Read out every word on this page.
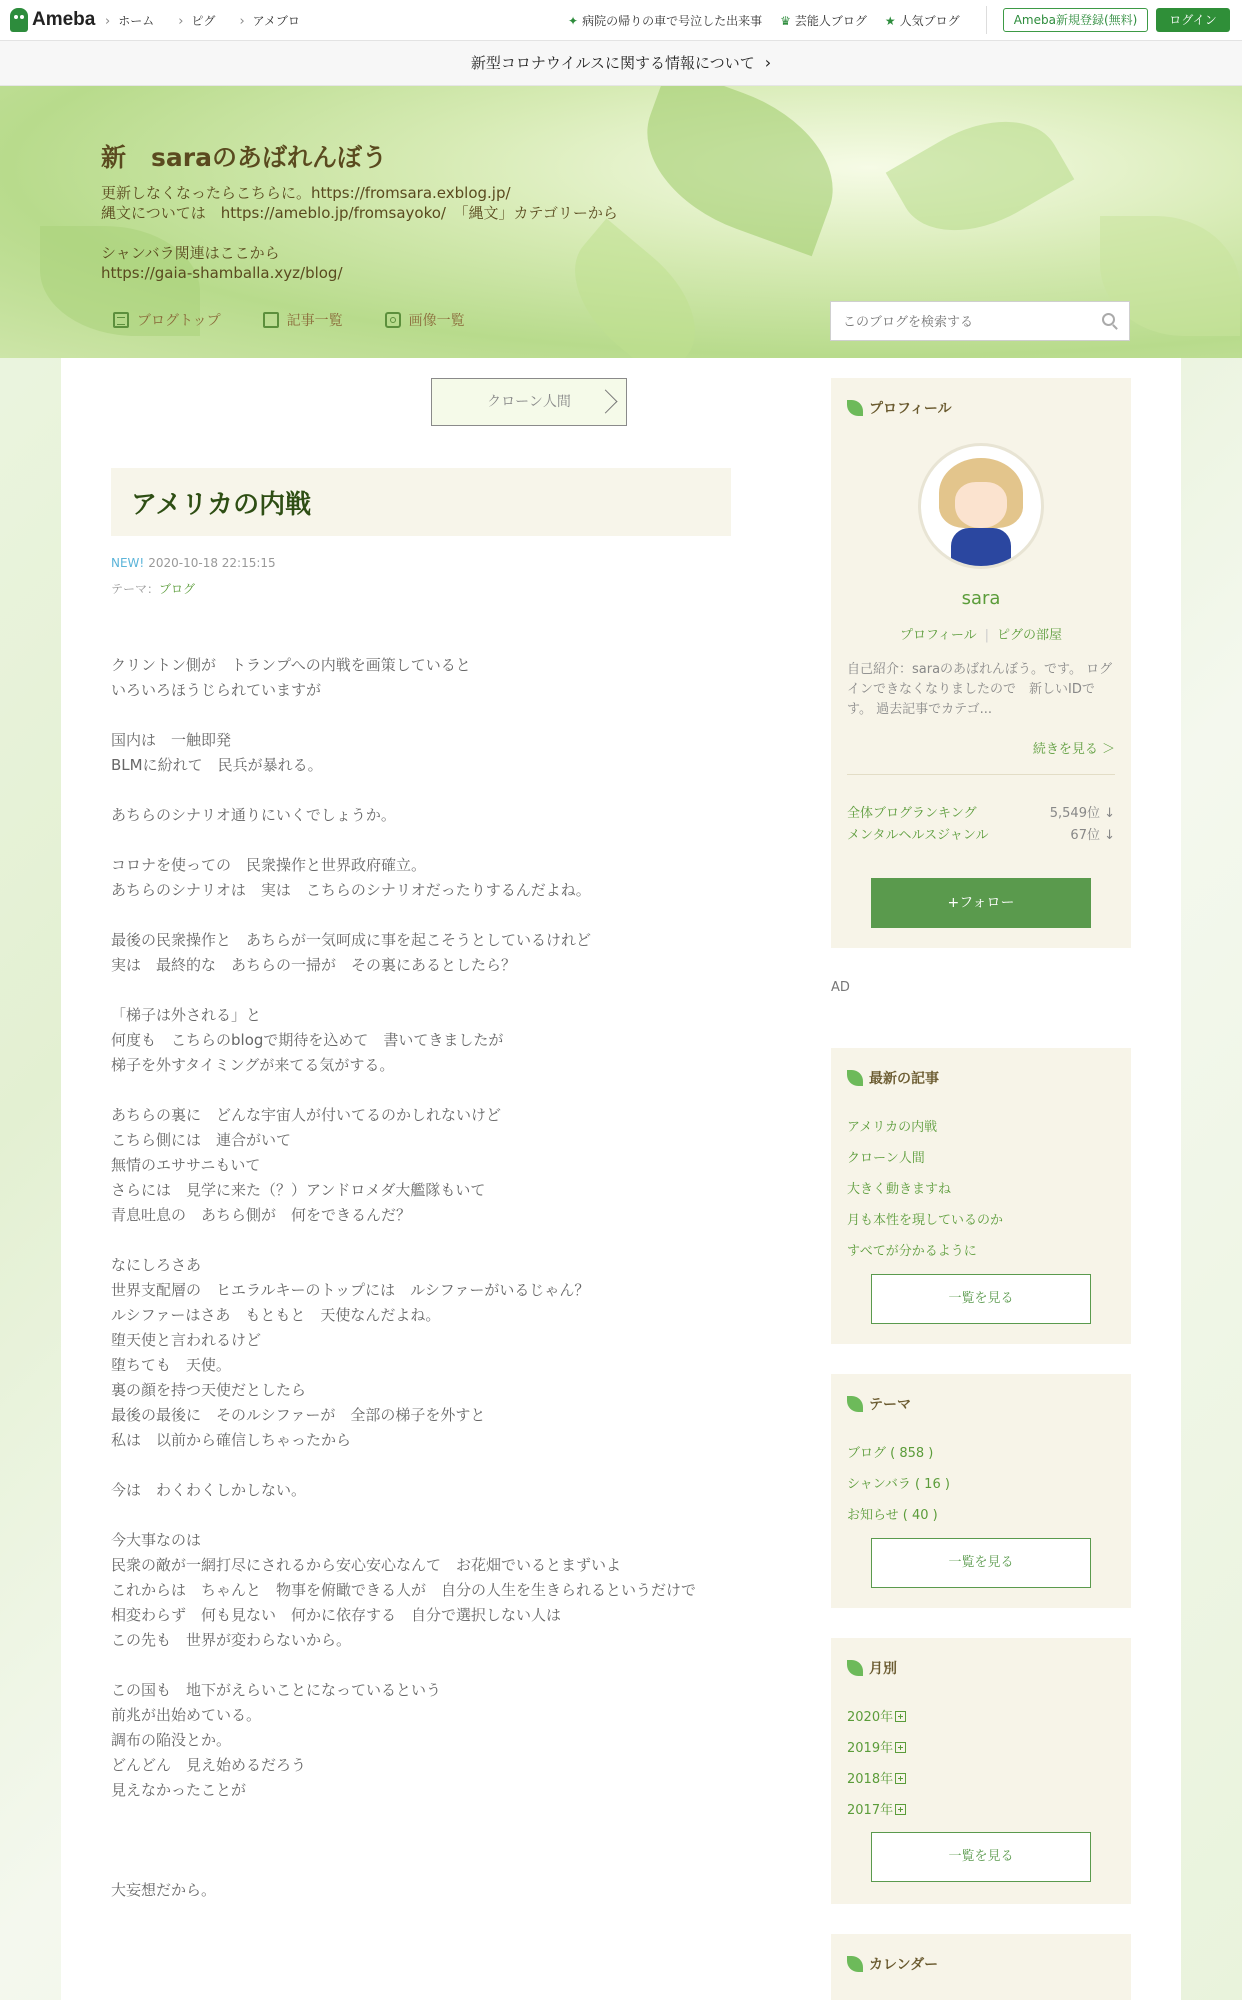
Ameba	› ホーム	› ピグ	› アメブロ	✦ 病院の帰りの車で号泣した出来事 ♛ 芸能人ブログ ★ 人気ブログ	Ameba新規登録(無料)	ログイン
新型コロナウイルスに関する情報について ›
新　saraのあばれんぼう
更新しなくなったらこちらに。https://fromsara.exblog.jp/
縄文については　https://ameblo.jp/fromsayoko/　「縄文」カテゴリーから

シャンバラ関連はここから
https://gaia-shamballa.xyz/blog/
ブログトップ	記事一覧	画像一覧
このブログを検索する
クローン人間
アメリカの内戦
NEW! 2020-10-18 22:15:15
テーマ：ブログ
クリントン側が　トランプへの内戦を画策していると
いろいろほうじられていますが

国内は　一触即発
BLMに紛れて　民兵が暴れる。

あちらのシナリオ通りにいくでしょうか。

コロナを使っての　民衆操作と世界政府確立。
あちらのシナリオは　実は　こちらのシナリオだったりするんだよね。

最後の民衆操作と　あちらが一気呵成に事を起こそうとしているけれど
実は　最終的な　あちらの一掃が　その裏にあるとしたら？

「梯子は外される」と
何度も　こちらのblogで期待を込めて　書いてきましたが
梯子を外すタイミングが来てる気がする。

あちらの裏に　どんな宇宙人が付いてるのかしれないけど
こちら側には　連合がいて
無情のエササニもいて
さらには　見学に来た（？）アンドロメダ大艦隊もいて
青息吐息の　あちら側が　何をできるんだ？

なにしろさあ
世界支配層の　ヒエラルキーのトップには　ルシファーがいるじゃん？
ルシファーはさあ　もともと　天使なんだよね。
堕天使と言われるけど
堕ちても　天使。
裏の顔を持つ天使だとしたら
最後の最後に　そのルシファーが　全部の梯子を外すと
私は　以前から確信しちゃったから

今は　わくわくしかしない。

今大事なのは
民衆の敵が一網打尽にされるから安心安心なんて　お花畑でいるとまずいよ
これからは　ちゃんと　物事を俯瞰できる人が　自分の人生を生きられるというだけで
相変わらず　何も見ない　何かに依存する　自分で選択しない人は
この先も　世界が変わらないから。

この国も　地下がえらいことになっているという
前兆が出始めている。
調布の陥没とか。
どんどん　見え始めるだろう
見えなかったことが

大妄想だから。
プロフィール
sara
プロフィール | ピグの部屋
自己紹介：saraのあばれんぼう。です。 ログインできなくなりましたので　新しいIDです。 過去記事でカテゴ...
続きを見る ＞
全体ブログランキング	5,549位 ↓
メンタルヘルスジャンル	67位 ↓
+フォロー
AD
最新の記事
アメリカの内戦
クローン人間
大きく動きますね
月も本性を現しているのか
すべてが分かるように
一覧を見る
テーマ
ブログ ( 858 )
シャンバラ ( 16 )
お知らせ ( 40 )
一覧を見る
月別
2020年
2019年
2018年
2017年
一覧を見る
カレンダー
